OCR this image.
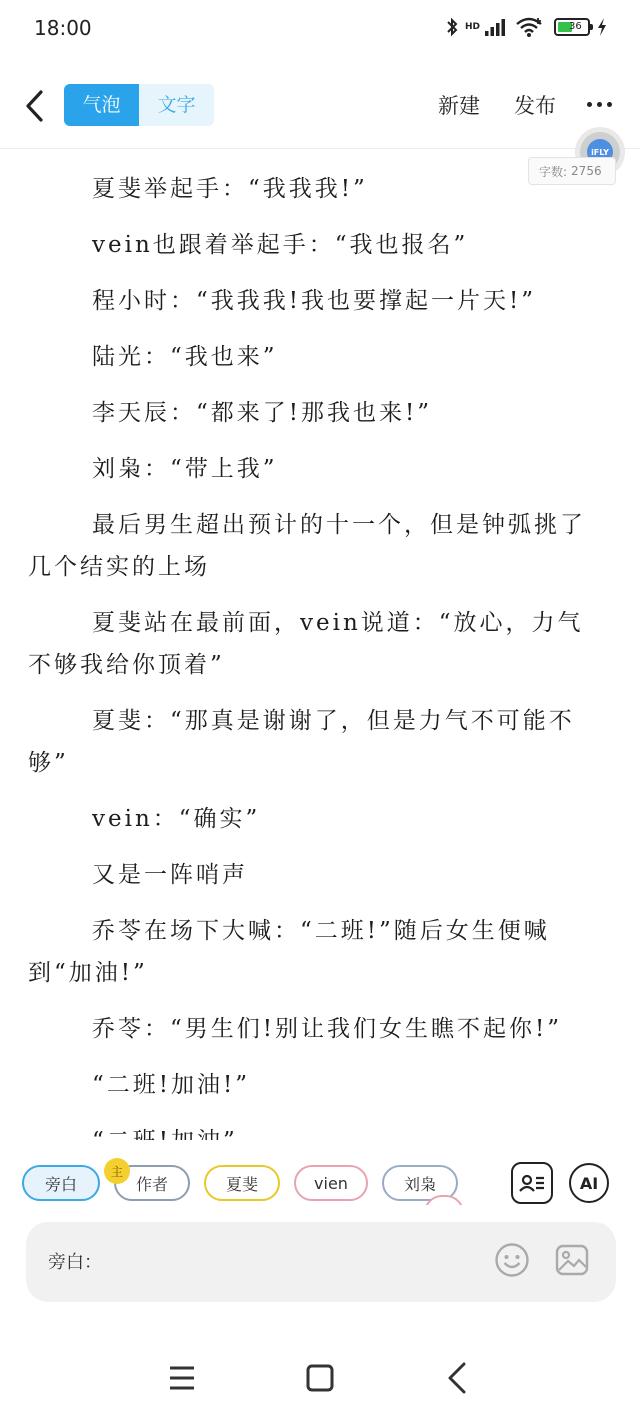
18:00	HD	36
气泡	文字	新建 发布
iFLY
字数: 2756

夏斐举起手：“我我我!”

vein也跟着举起手：“我也报名”

程小时：“我我我!我也要撑起一片天!”

陆光：“我也来”

李天辰：“都来了!那我也来!”

刘枭：“带上我”

最后男生超出预计的十一个，但是钟弧挑了几个结实的上场

夏斐站在最前面，vein说道：“放心，力气不够我给你顶着”

夏斐：“那真是谢谢了，但是力气不可能不够”

vein：“确实”

又是一阵哨声

乔苓在场下大喊：“二班!”随后女生便喊到“加油!”

乔苓：“男生们!别让我们女生瞧不起你!”

“二班!加油!”

主
旁白	作者	夏斐	vien	刘枭	AI
旁白：
